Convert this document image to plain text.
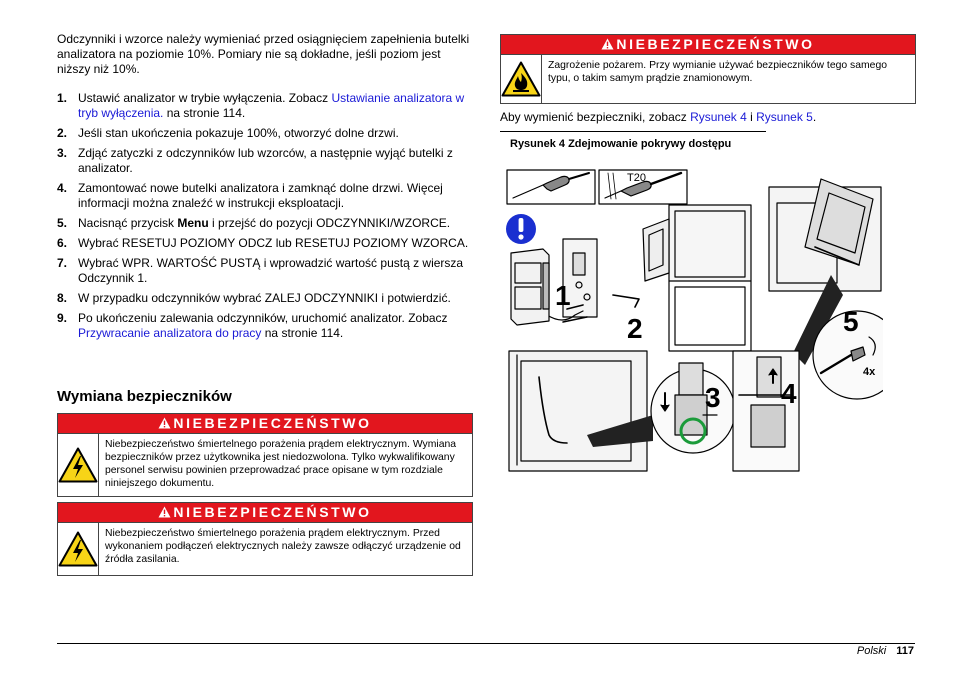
Odczynniki i wzorce należy wymieniać przed osiągnięciem zapełnienia butelki analizatora na poziomie 10%. Pomiary nie są dokładne, jeśli poziom jest niższy niż 10%.
1. Ustawić analizator w trybie wyłączenia. Zobacz Ustawianie analizatora w tryb wyłączenia. na stronie 114.
2. Jeśli stan ukończenia pokazuje 100%, otworzyć dolne drzwi.
3. Zdjąć zatyczki z odczynników lub wzorców, a następnie wyjąć butelki z analizator.
4. Zamontować nowe butelki analizatora i zamknąć dolne drzwi. Więcej informacji można znaleźć w instrukcji eksploatacji.
5. Nacisnąć przycisk Menu i przejść do pozycji ODCZYNNIKI/WZORCE.
6. Wybrać RESETUJ POZIOMY ODCZ lub RESETUJ POZIOMY WZORCA.
7. Wybrać WPR. WARTOŚĆ PUSTĄ i wprowadzić wartość pustą z wiersza Odczynnik 1.
8. W przypadku odczynników wybrać ZALEJ ODCZYNNIKI i potwierdzić.
9. Po ukończeniu zalewania odczynników, uruchomić analizator. Zobacz Przywracanie analizatora do pracy na stronie 114.
Wymiana bezpieczników
NIEBEZPIECZEŃSTWO
Niebezpieczeństwo śmiertelnego porażenia prądem elektrycznym. Wymiana bezpieczników przez użytkownika jest niedozwolona. Tylko wykwalifikowany personel serwisu powinien przeprowadzać prace opisane w tym rozdziale niniejszego dokumentu.
NIEBEZPIECZEŃSTWO
Niebezpieczeństwo śmiertelnego porażenia prądem elektrycznym. Przed wykonaniem podłączeń elektrycznych należy zawsze odłączyć urządzenie od źródła zasilania.
NIEBEZPIECZEŃSTWO
Zagrożenie pożarem. Przy wymianie używać bezpieczników tego samego typu, o takim samym prądzie znamionowym.
Aby wymienić bezpieczniki, zobacz Rysunek 4 i Rysunek 5.
Rysunek 4 Zdejmowanie pokrywy dostępu
T20
1
2
3 4
5
4x
Polski 117
